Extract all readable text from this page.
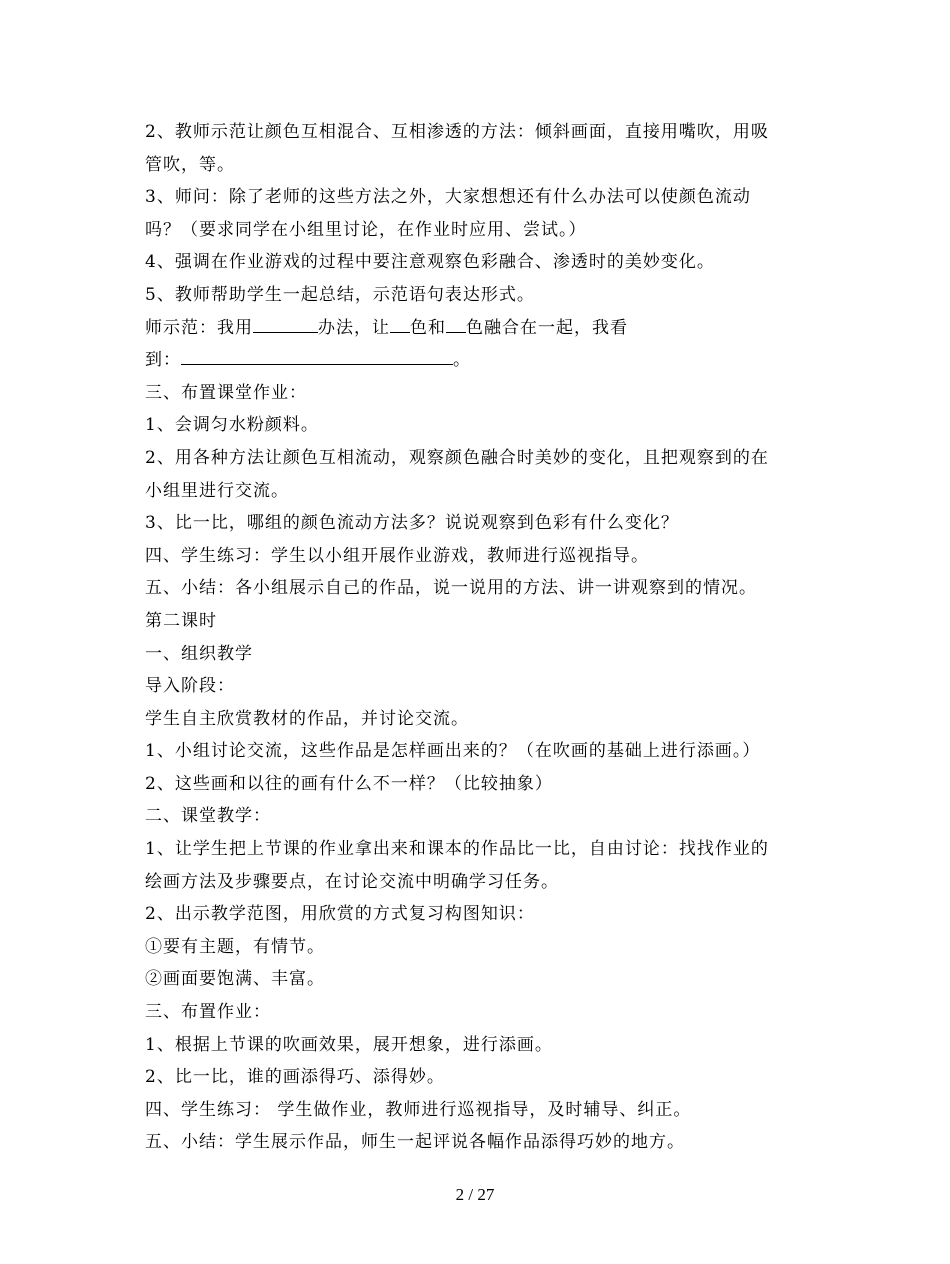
2、教师示范让颜色互相混合、互相渗透的方法：倾斜画面，直接用嘴吹，用吸
管吹，等。
3、师问：除了老师的这些方法之外，大家想想还有什么办法可以使颜色流动
吗？（要求同学在小组里讨论，在作业时应用、尝试。）
4、强调在作业游戏的过程中要注意观察色彩融合、渗透时的美妙变化。
5、教师帮助学生一起总结，示范语句表达形式。
师示范：我用	办法，让 色和 色融合在一起，我看
到：	。
三、布置课堂作业：
1、会调匀水粉颜料。
2、用各种方法让颜色互相流动，观察颜色融合时美妙的变化，且把观察到的在
小组里进行交流。
3、比一比，哪组的颜色流动方法多？说说观察到色彩有什么变化？
四、学生练习：学生以小组开展作业游戏，教师进行巡视指导。
五、小结：各小组展示自己的作品，说一说用的方法、讲一讲观察到的情况。
第二课时
一、组织教学
导入阶段：
学生自主欣赏教材的作品，并讨论交流。
1、小组讨论交流，这些作品是怎样画出来的？（在吹画的基础上进行添画。）
2、这些画和以往的画有什么不一样？（比较抽象）
二、课堂教学：
1、让学生把上节课的作业拿出来和课本的作品比一比，自由讨论：找找作业的
绘画方法及步骤要点，在讨论交流中明确学习任务。
2、出示教学范图，用欣赏的方式复习构图知识：
①要有主题，有情节。
②画面要饱满、丰富。
三、布置作业：
1、根据上节课的吹画效果，展开想象，进行添画。
2、比一比，谁的画添得巧、添得妙。
四、学生练习： 学生做作业，教师进行巡视指导，及时辅导、纠正。
五、小结：学生展示作品，师生一起评说各幅作品添得巧妙的地方。
2 / 27
